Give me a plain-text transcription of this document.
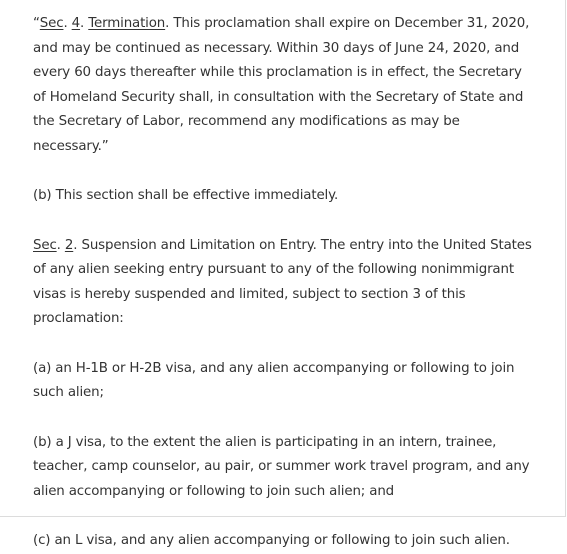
“Sec. 4. Termination. This proclamation shall expire on December 31, 2020, and may be continued as necessary. Within 30 days of June 24, 2020, and every 60 days thereafter while this proclamation is in effect, the Secretary of Homeland Security shall, in consultation with the Secretary of State and the Secretary of Labor, recommend any modifications as may be necessary.”

(b) This section shall be effective immediately.

Sec. 2. Suspension and Limitation on Entry. The entry into the United States of any alien seeking entry pursuant to any of the following nonimmigrant visas is hereby suspended and limited, subject to section 3 of this proclamation:

(a) an H-1B or H-2B visa, and any alien accompanying or following to join such alien;

(b) a J visa, to the extent the alien is participating in an intern, trainee, teacher, camp counselor, au pair, or summer work travel program, and any alien accompanying or following to join such alien; and

(c) an L visa, and any alien accompanying or following to join such alien.
